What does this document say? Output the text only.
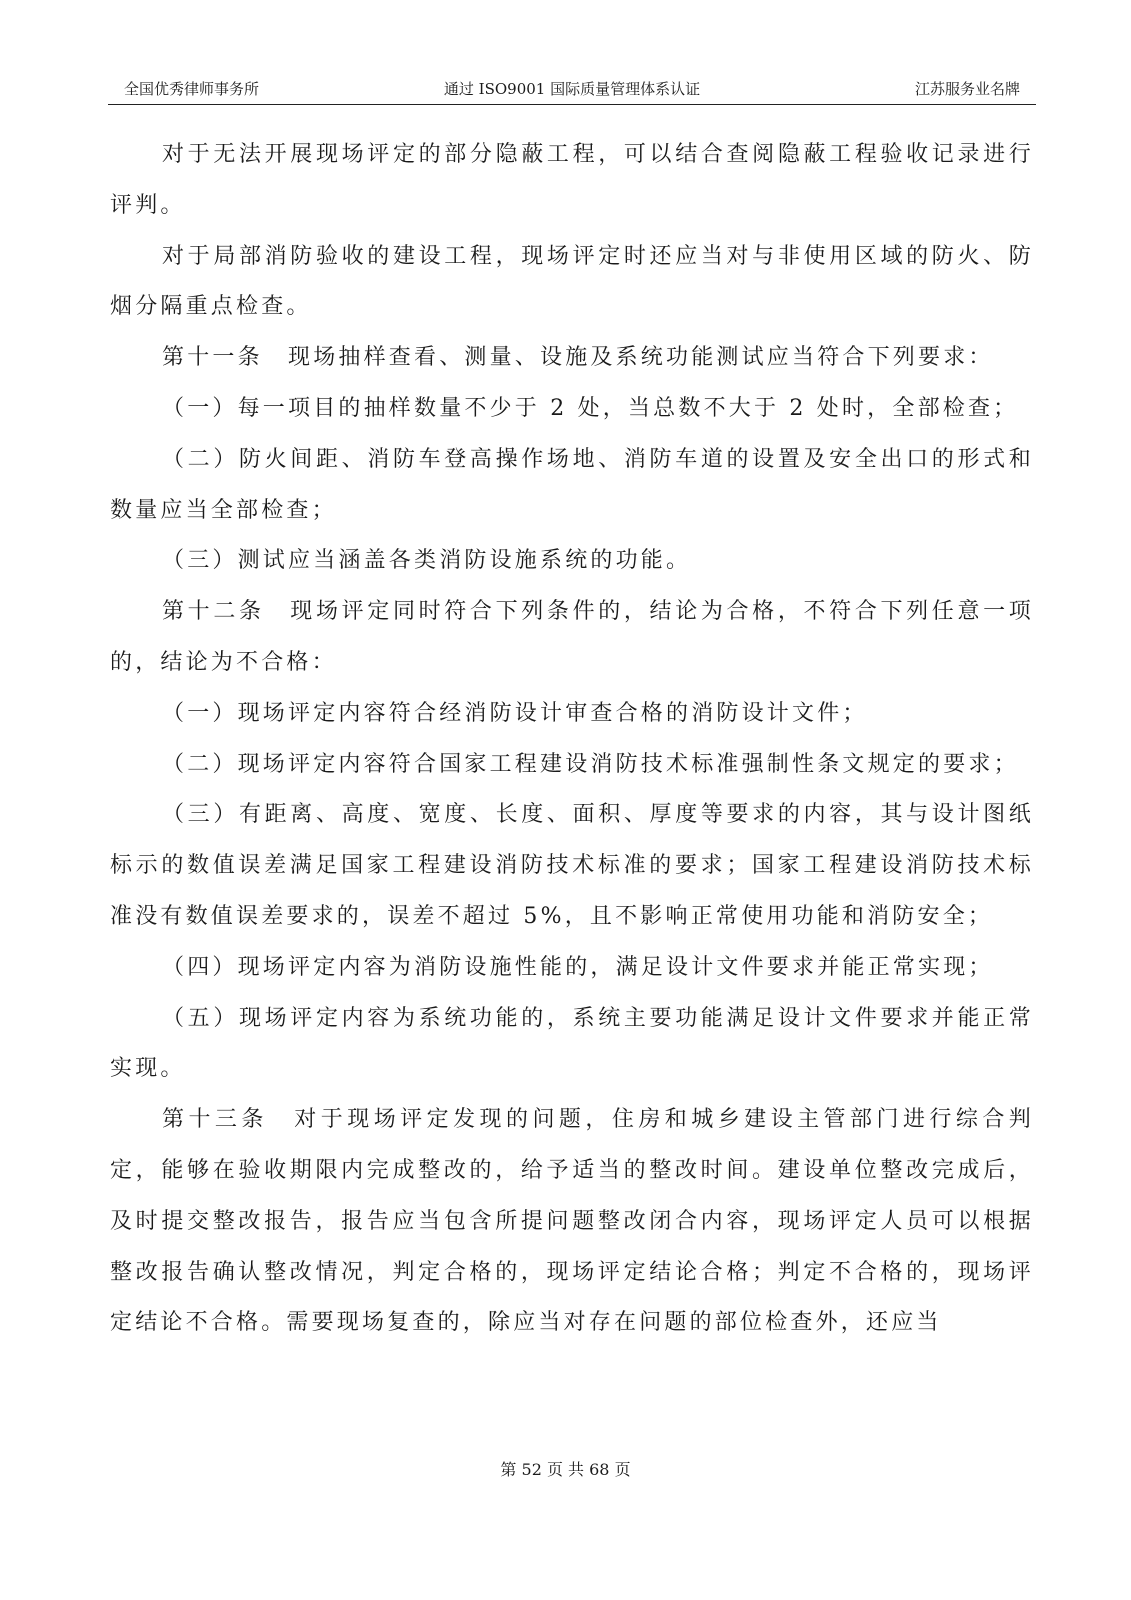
全国优秀律师事务所	通过 ISO9001 国际质量管理体系认证	江苏服务业名牌

对于无法开展现场评定的部分隐蔽工程，可以结合查阅隐蔽工程验收记录进行评判。

对于局部消防验收的建设工程，现场评定时还应当对与非使用区域的防火、防烟分隔重点检查。

第十一条　现场抽样查看、测量、设施及系统功能测试应当符合下列要求：

（一）每一项目的抽样数量不少于 2 处，当总数不大于 2 处时，全部检查；

（二）防火间距、消防车登高操作场地、消防车道的设置及安全出口的形式和数量应当全部检查；

（三）测试应当涵盖各类消防设施系统的功能。

第十二条　现场评定同时符合下列条件的，结论为合格，不符合下列任意一项的，结论为不合格：

（一）现场评定内容符合经消防设计审查合格的消防设计文件；

（二）现场评定内容符合国家工程建设消防技术标准强制性条文规定的要求；

（三）有距离、高度、宽度、长度、面积、厚度等要求的内容，其与设计图纸标示的数值误差满足国家工程建设消防技术标准的要求；国家工程建设消防技术标准没有数值误差要求的，误差不超过 5%，且不影响正常使用功能和消防安全；

（四）现场评定内容为消防设施性能的，满足设计文件要求并能正常实现；

（五）现场评定内容为系统功能的，系统主要功能满足设计文件要求并能正常实现。

第十三条　对于现场评定发现的问题，住房和城乡建设主管部门进行综合判定，能够在验收期限内完成整改的，给予适当的整改时间。建设单位整改完成后，及时提交整改报告，报告应当包含所提问题整改闭合内容，现场评定人员可以根据整改报告确认整改情况，判定合格的，现场评定结论合格；判定不合格的，现场评定结论不合格。需要现场复查的，除应当对存在问题的部位检查外，还应当

第 52 页 共 68 页
